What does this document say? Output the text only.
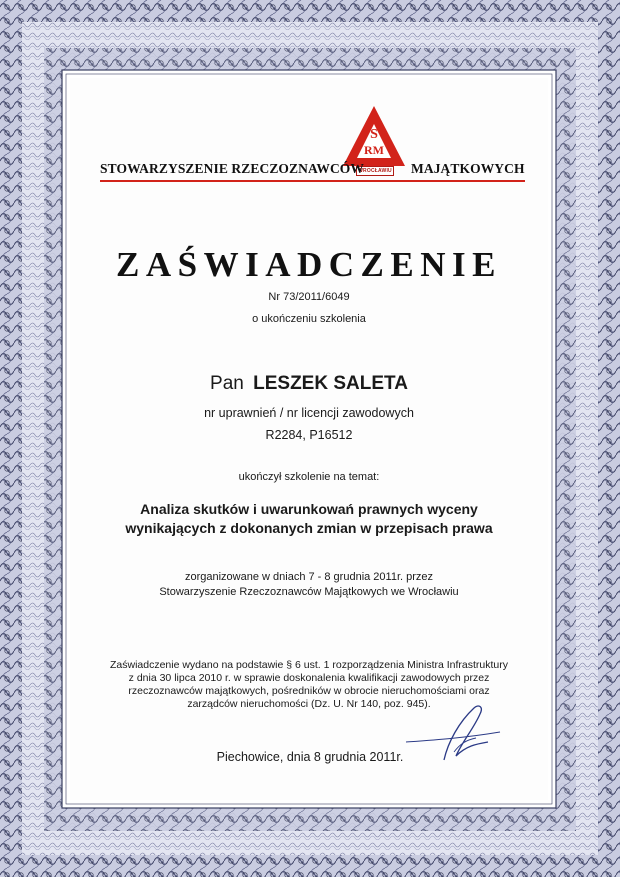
S
RM
WROCŁAWIU
STOWARZYSZENIE RZECZOZNAWCÓW	MAJĄTKOWYCH
ZAŚWIADCZENIE
Nr 73/2011/6049
o ukończeniu szkolenia
Pan LESZEK SALETA
nr uprawnień / nr licencji zawodowych
R2284, P16512
ukończył szkolenie na temat:
Analiza skutków i uwarunkowań prawnych wyceny
wynikających z dokonanych zmian w przepisach prawa
zorganizowane w dniach 7 - 8 grudnia 2011r. przez
Stowarzyszenie Rzeczoznawców Majątkowych we Wrocławiu
Zaświadczenie wydano na podstawie § 6 ust. 1 rozporządzenia Ministra Infrastruktury
z dnia 30 lipca 2010 r. w sprawie doskonalenia kwalifikacji zawodowych przez
rzeczoznawców majątkowych, pośredników w obrocie nieruchomościami oraz
zarządców nieruchomości (Dz. U. Nr 140, poz. 945).
Piechowice, dnia 8 grudnia 2011r.
